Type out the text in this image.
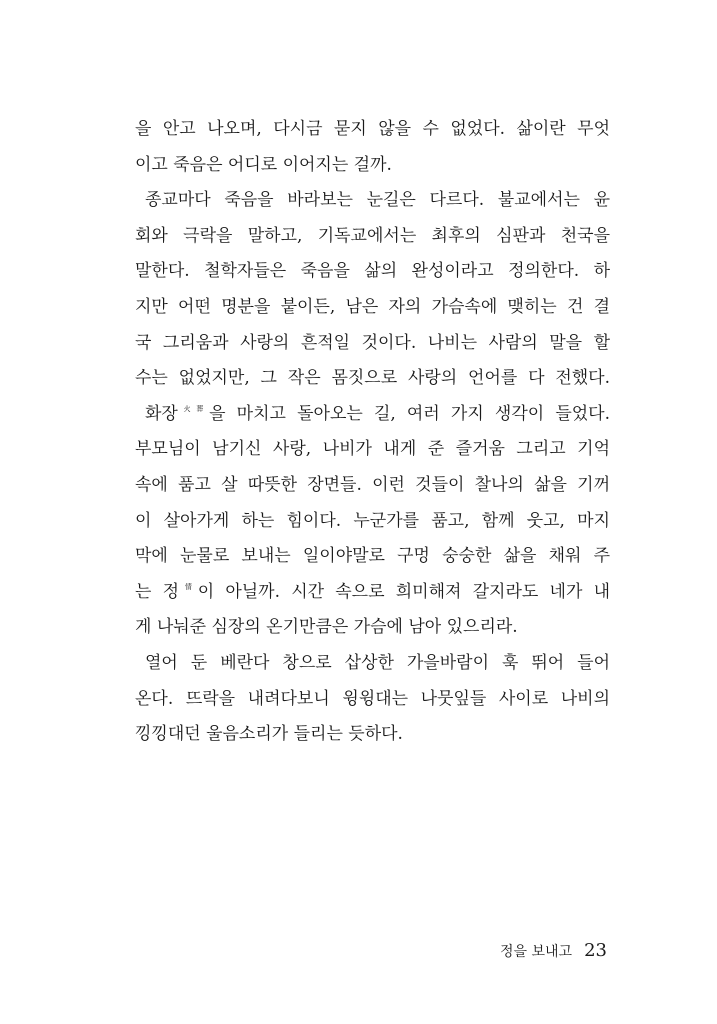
을 안고 나오며, 다시금 묻지 않을 수 없었다. 삶이란 무엇
이고 죽음은 어디로 이어지는 걸까.
종교마다 죽음을 바라보는 눈길은 다르다. 불교에서는 윤
회와 극락을 말하고, 기독교에서는 최후의 심판과 천국을
말한다. 철학자들은 죽음을 삶의 완성이라고 정의한다. 하
지만 어떤 명분을 붙이든, 남은 자의 가슴속에 맺히는 건 결
국 그리움과 사랑의 흔적일 것이다. 나비는 사람의 말을 할
수는 없었지만, 그 작은 몸짓으로 사랑의 언어를 다 전했다.
화장$^{火葬}$을 마치고 돌아오는 길, 여러 가지 생각이 들었다.
부모님이 남기신 사랑, 나비가 내게 준 즐거움 그리고 기억
속에 품고 살 따뜻한 장면들. 이런 것들이 찰나의 삶을 기꺼
이 살아가게 하는 힘이다. 누군가를 품고, 함께 웃고, 마지
막에 눈물로 보내는 일이야말로 구멍 숭숭한 삶을 채워 주
는 정$^情$이 아닐까. 시간 속으로 희미해져 갈지라도 네가 내
게 나눠준 심장의 온기만큼은 가슴에 남아 있으리라.
열어 둔 베란다 창으로 삽상한 가을바람이 훅 뛰어 들어
온다. 뜨락을 내려다보니 윙윙대는 나뭇잎들 사이로 나비의
낑낑대던 울음소리가 들리는 듯하다.
정을 보내고 23
